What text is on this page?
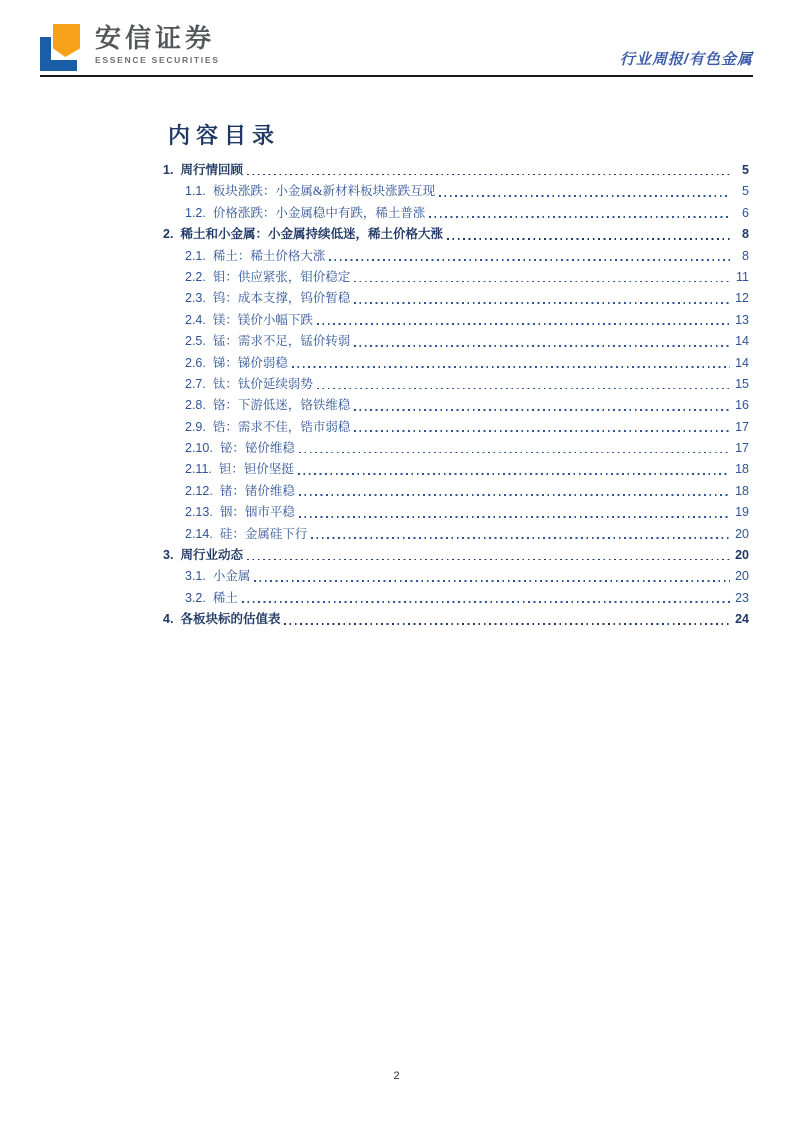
安信证券
ESSENCE SECURITIES	行业周报/有色金属
内容目录
1. 周行情回顾	5
1.1. 板块涨跌：小金属&新材料板块涨跌互现	5
1.2. 价格涨跌：小金属稳中有跌，稀土普涨	6
2. 稀土和小金属：小金属持续低迷，稀土价格大涨	8
2.1. 稀土：稀土价格大涨	8
2.2. 钼：供应紧张，钼价稳定	11
2.3. 钨：成本支撑，钨价暂稳	12
2.4. 镁：镁价小幅下跌	13
2.5. 锰：需求不足，锰价转弱	14
2.6. 锑：锑价弱稳	14
2.7. 钛：钛价延续弱势	15
2.8. 铬：下游低迷，铬铁维稳	16
2.9. 锆：需求不佳，锆市弱稳	17
2.10. 铋：铋价维稳	17
2.11. 钽：钽价坚挺	18
2.12. 锗：锗价维稳	18
2.13. 铟：铟市平稳	19
2.14. 硅：金属硅下行	20
3. 周行业动态	20
3.1. 小金属	20
3.2. 稀土	23
4. 各板块标的估值表	24
2
